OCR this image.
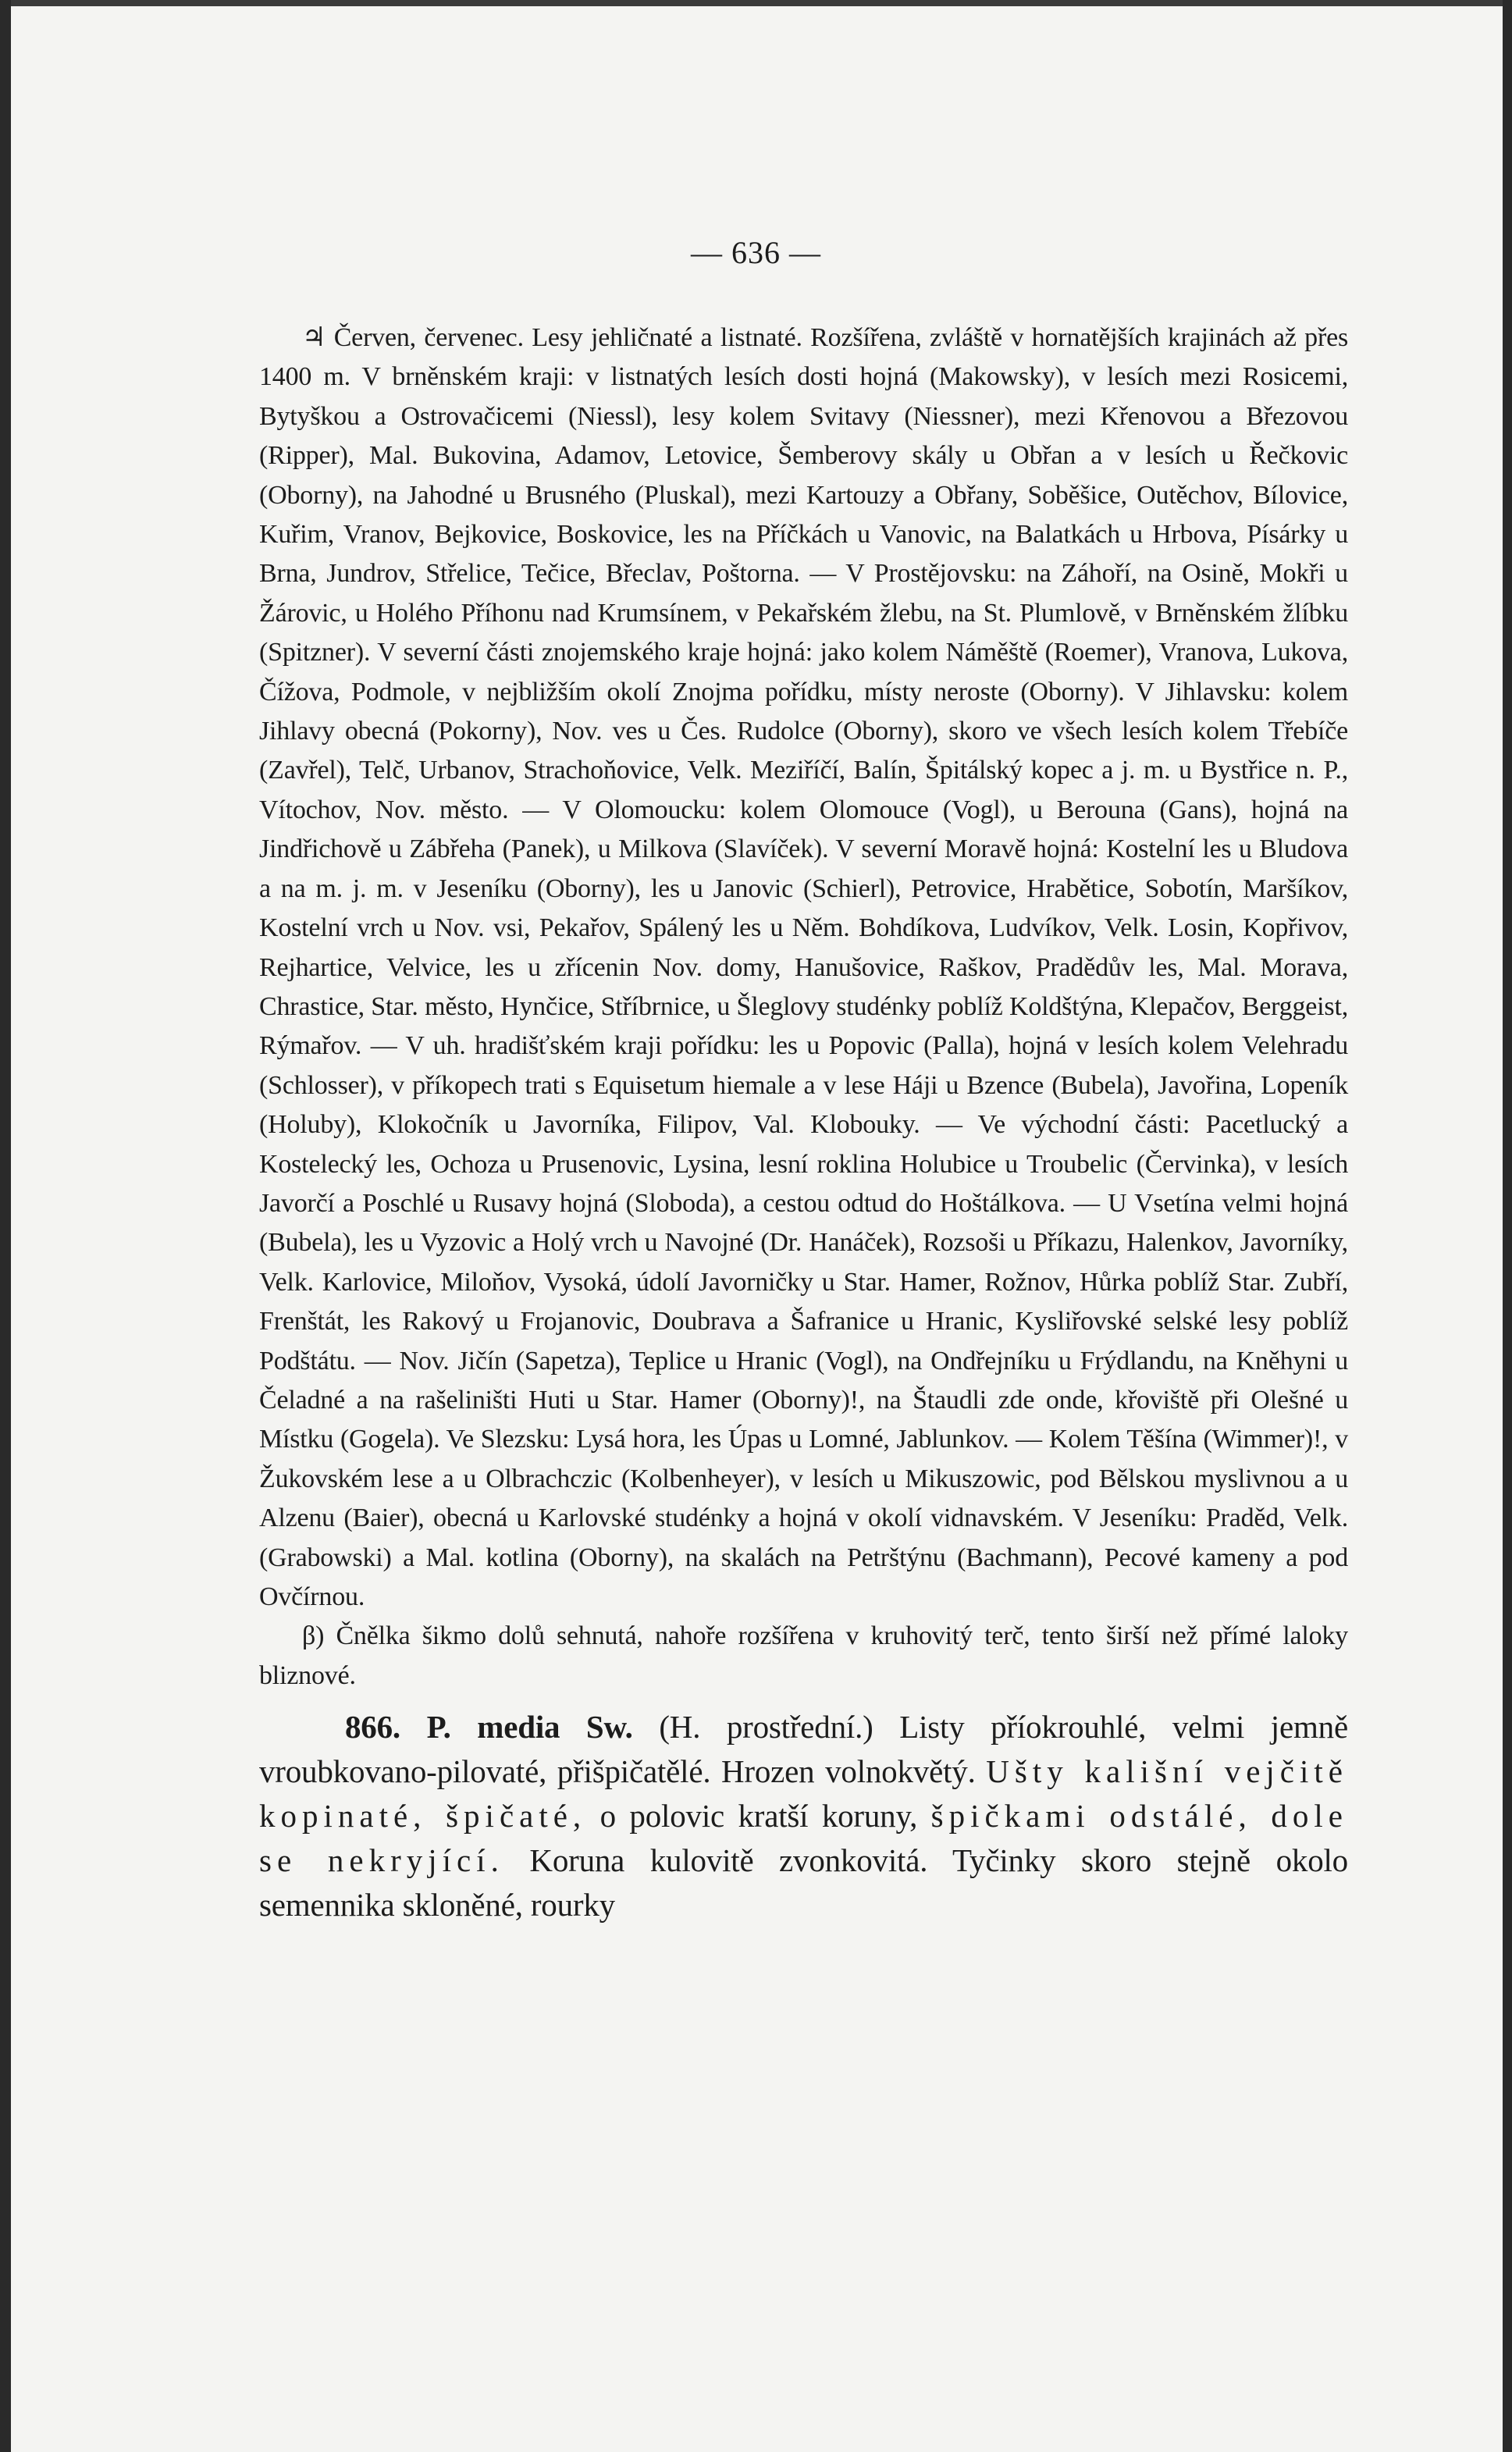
— 636 —

♃ Červen, červenec. Lesy jehličnaté a listnaté. Rozšířena, zvláště v hornatějších krajinách až přes 1400 m. V brněnském kraji: v listnatých lesích dosti hojná (Makowsky), v lesích mezi Rosicemi, Bytyškou a Ostrovačicemi (Niessl), lesy kolem Svitavy (Niessner), mezi Křenovou a Březovou (Ripper), Mal. Bukovina, Adamov, Letovice, Šemberovy skály u Obřan a v lesích u Řečkovic (Oborny), na Jahodné u Brusného (Pluskal), mezi Kartouzy a Obřany, Soběšice, Outěchov, Bílovice, Kuřim, Vranov, Bejkovice, Boskovice, les na Příčkách u Vanovic, na Balatkách u Hrbova, Písárky u Brna, Jundrov, Střelice, Tečice, Břeclav, Poštorna. — V Prostějovsku: na Záhoří, na Osině, Mokři u Žárovic, u Holého Příhonu nad Krumsínem, v Pekařském žlebu, na St. Plumlově, v Brněnském žlíbku (Spitzner). V severní části znojemského kraje hojná: jako kolem Náměště (Roemer), Vranova, Lukova, Čížova, Podmole, v nejbližším okolí Znojma pořídku, místy neroste (Oborny). V Jihlavsku: kolem Jihlavy obecná (Pokorny), Nov. ves u Čes. Rudolce (Oborny), skoro ve všech lesích kolem Třebíče (Zavřel), Telč, Urbanov, Strachoňovice, Velk. Meziříčí, Balín, Špitálský kopec a j. m. u Bystřice n. P., Vítochov, Nov. město. — V Olomoucku: kolem Olomouce (Vogl), u Berouna (Gans), hojná na Jindřichově u Zábřeha (Panek), u Milkova (Slavíček). V severní Moravě hojná: Kostelní les u Bludova a na m. j. m. v Jeseníku (Oborny), les u Janovic (Schierl), Petrovice, Hrabětice, Sobotín, Maršíkov, Kostelní vrch u Nov. vsi, Pekařov, Spálený les u Něm. Bohdíkova, Ludvíkov, Velk. Losin, Kopřivov, Rejhartice, Velvice, les u zřícenin Nov. domy, Hanušovice, Raškov, Pradědův les, Mal. Morava, Chrastice, Star. město, Hynčice, Stříbrnice, u Šleglovy studénky poblíž Koldštýna, Klepačov, Berggeist, Rýmařov. — V uh. hradišťském kraji pořídku: les u Popovic (Palla), hojná v lesích kolem Velehradu (Schlosser), v příkopech trati s Equisetum hiemale a v lese Háji u Bzence (Bubela), Javořina, Lopeník (Holuby), Klokočník u Javorníka, Filipov, Val. Klobouky. — Ve východní části: Pacetlucký a Kostelecký les, Ochoza u Prusenovic, Lysina, lesní roklina Holubice u Troubelic (Červinka), v lesích Javorčí a Poschlé u Rusavy hojná (Sloboda), a cestou odtud do Hoštálkova. — U Vsetína velmi hojná (Bubela), les u Vyzovic a Holý vrch u Navojné (Dr. Hanáček), Rozsoši u Příkazu, Halenkov, Javorníky, Velk. Karlovice, Miloňov, Vysoká, údolí Javorničky u Star. Hamer, Rožnov, Hůrka poblíž Star. Zubří, Frenštát, les Rakový u Frojanovic, Doubrava a Šafranice u Hranic, Kysliřovské selské lesy poblíž Podštátu. — Nov. Jičín (Sapetza), Teplice u Hranic (Vogl), na Ondřejníku u Frýdlandu, na Kněhyni u Čeladné a na rašeliništi Huti u Star. Hamer (Oborny)!, na Štaudli zde onde, křoviště při Olešné u Místku (Gogela). Ve Slezsku: Lysá hora, les Úpas u Lomné, Jablunkov. — Kolem Těšína (Wimmer)!, v Žukovském lese a u Olbrachczic (Kolbenheyer), v lesích u Mikuszowic, pod Bělskou myslivnou a u Alzenu (Baier), obecná u Karlovské studénky a hojná v okolí vidnavském. V Jeseníku: Praděd, Velk. (Grabowski) a Mal. kotlina (Oborny), na skalách na Petrštýnu (Bachmann), Pecové kameny a pod Ovčírnou.

β) Čnělka šikmo dolů sehnutá, nahoře rozšířena v kruhovitý terč, tento širší než přímé laloky bliznové.

866. P. media Sw. (H. prostřední.) Listy příokrouhlé, velmi jemně vroubkovano-pilovaté, přišpičatělé. Hrozen volnokvětý. Ušty kališní vejčitě kopinaté, špičaté, o polovic kratší koruny, špičkami odstálé, dole se nekryjící. Koruna kulovitě zvonkovitá. Tyčinky skoro stejně okolo semennika skloněné, rourky
